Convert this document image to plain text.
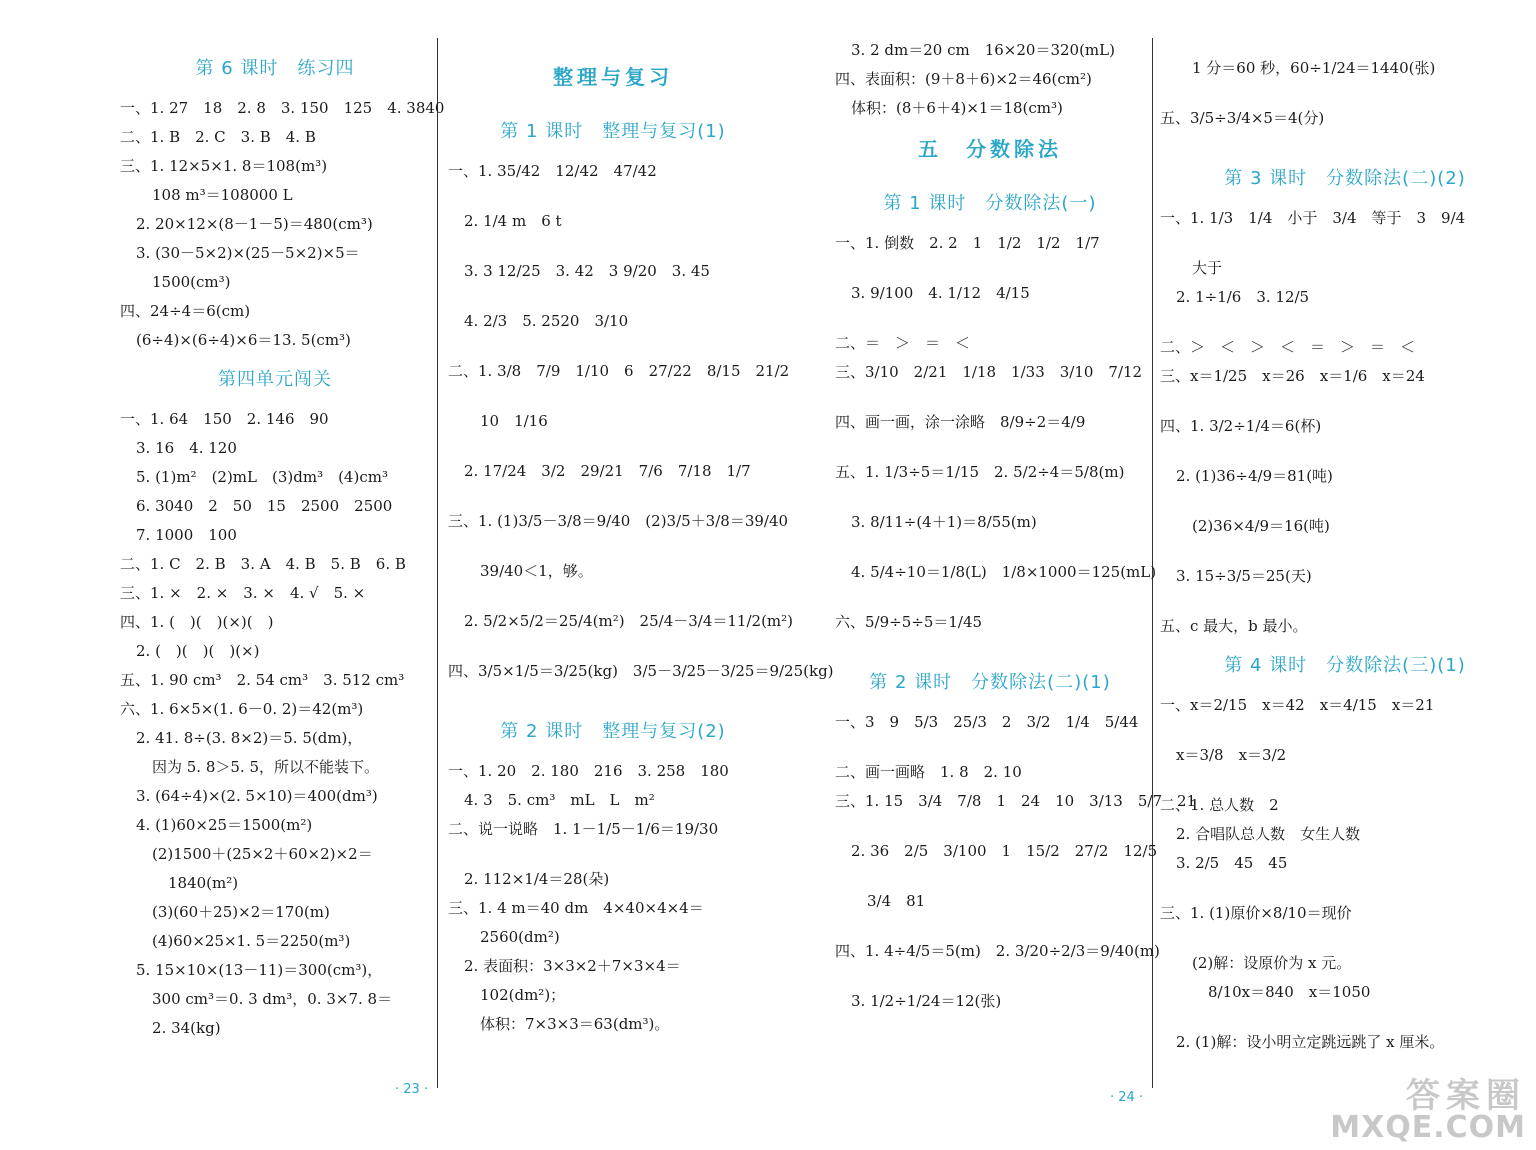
第 6 课时　练习四
一、1. 27　18　2. 8　3. 150　125　4. 3840
二、1. B　2. C　3. B　4. B
三、1. 12×5×1. 8＝108(m³)
108 m³＝108000 L
2. 20×12×(8－1－5)＝480(cm³)
3. (30－5×2)×(25－5×2)×5＝
1500(cm³)
四、24÷4＝6(cm)
(6÷4)×(6÷4)×6＝13. 5(cm³)
第四单元闯关
一、1. 64　150　2. 146　90
3. 16　4. 120
5. (1)m²　(2)mL　(3)dm³　(4)cm³
6. 3040　2　50　15　2500　2500
7. 1000　100
二、1. C　2. B　3. A　4. B　5. B　6. B
三、1. ×　2. ×　3. ×　4. √　5. ×
四、1. (　)(　)(×)(　)
2. (　)(　)(　)(×)
五、1. 90 cm³　2. 54 cm³　3. 512 cm³
六、1. 6×5×(1. 6－0. 2)＝42(m³)
2. 41. 8÷(3. 8×2)＝5. 5(dm)，
因为 5. 8＞5. 5，所以不能装下。
3. (64÷4)×(2. 5×10)＝400(dm³)
4. (1)60×25＝1500(m²)
(2)1500＋(25×2＋60×2)×2＝
1840(m²)
(3)(60＋25)×2＝170(m)
(4)60×25×1. 5＝2250(m³)
5. 15×10×(13－11)＝300(cm³)，
300 cm³＝0. 3 dm³，0. 3×7. 8＝
2. 34(kg)
整理与复习
第 1 课时　整理与复习(1)
一、1. 35/42　12/42　47/42
2. 1/4 m　6 t
3. 3 12/25　3. 42　3 9/20　3. 45
4. 2/3　5. 2520　3/10
二、1. 3/8　7/9　1/10　6　27/22　8/15　21/2
10　1/16
2. 17/24　3/2　29/21　7/6　7/18　1/7
三、1. (1)3/5－3/8＝9/40　(2)3/5＋3/8＝39/40
39/40＜1，够。
2. 5/2×5/2＝25/4(m²)　25/4－3/4＝11/2(m²)
四、3/5×1/5＝3/25(kg)　3/5－3/25－3/25＝9/25(kg)
第 2 课时　整理与复习(2)
一、1. 20　2. 180　216　3. 258　180
4. 3　5. cm³　mL　L　m²
二、说一说略　1. 1－1/5－1/6＝19/30
2. 112×1/4＝28(朵)
三、1. 4 m＝40 dm　4×40×4×4＝
2560(dm²)
2. 表面积：3×3×2＋7×3×4＝
102(dm²)；
体积：7×3×3＝63(dm³)。
3. 2 dm＝20 cm　16×20＝320(mL)
四、表面积：(9＋8＋6)×2＝46(cm²)
体积：(8＋6＋4)×1＝18(cm³)
五　分数除法
第 1 课时　分数除法(一)
一、1. 倒数　2. 2　1　1/2　1/2　1/7
3. 9/100　4. 1/12　4/15
二、＝　＞　＝　＜
三、3/10　2/21　1/18　1/33　3/10　7/12
四、画一画，涂一涂略　8/9÷2＝4/9
五、1. 1/3÷5＝1/15　2. 5/2÷4＝5/8(m)
3. 8/11÷(4＋1)＝8/55(m)
4. 5/4÷10＝1/8(L)　1/8×1000＝125(mL)
六、5/9÷5÷5＝1/45
第 2 课时　分数除法(二)(1)
一、3　9　5/3　25/3　2　3/2　1/4　5/44
二、画一画略　1. 8　2. 10
三、1. 15　3/4　7/8　1　24　10　3/13　5/7　21
2. 36　2/5　3/100　1　15/2　27/2　12/5
3/4　81
四、1. 4÷4/5＝5(m)　2. 3/20÷2/3＝9/40(m)
3. 1/2÷1/24＝12(张)
1 分＝60 秒，60÷1/24＝1440(张)
五、3/5÷3/4×5＝4(分)
第 3 课时　分数除法(二)(2)
一、1. 1/3　1/4　小于　3/4　等于　3　9/4
大于
2. 1÷1/6　3. 12/5
二、＞　＜　＞　＜　＝　＞　＝　＜
三、x＝1/25　x＝26　x＝1/6　x＝24
四、1. 3/2÷1/4＝6(杯)
2. (1)36÷4/9＝81(吨)
(2)36×4/9＝16(吨)
3. 15÷3/5＝25(天)
五、c 最大，b 最小。
第 4 课时　分数除法(三)(1)
一、x＝2/15　x＝42　x＝4/15　x＝21
x＝3/8　x＝3/2
二、1. 总人数　2
2. 合唱队总人数　女生人数
3. 2/5　45　45
三、1. (1)原价×8/10＝现价
(2)解：设原价为 x 元。
8/10x＝840　x＝1050
2. (1)解：设小明立定跳远跳了 x 厘米。
· 23 ·
· 24 ·	答案圈
MXQE.COM
